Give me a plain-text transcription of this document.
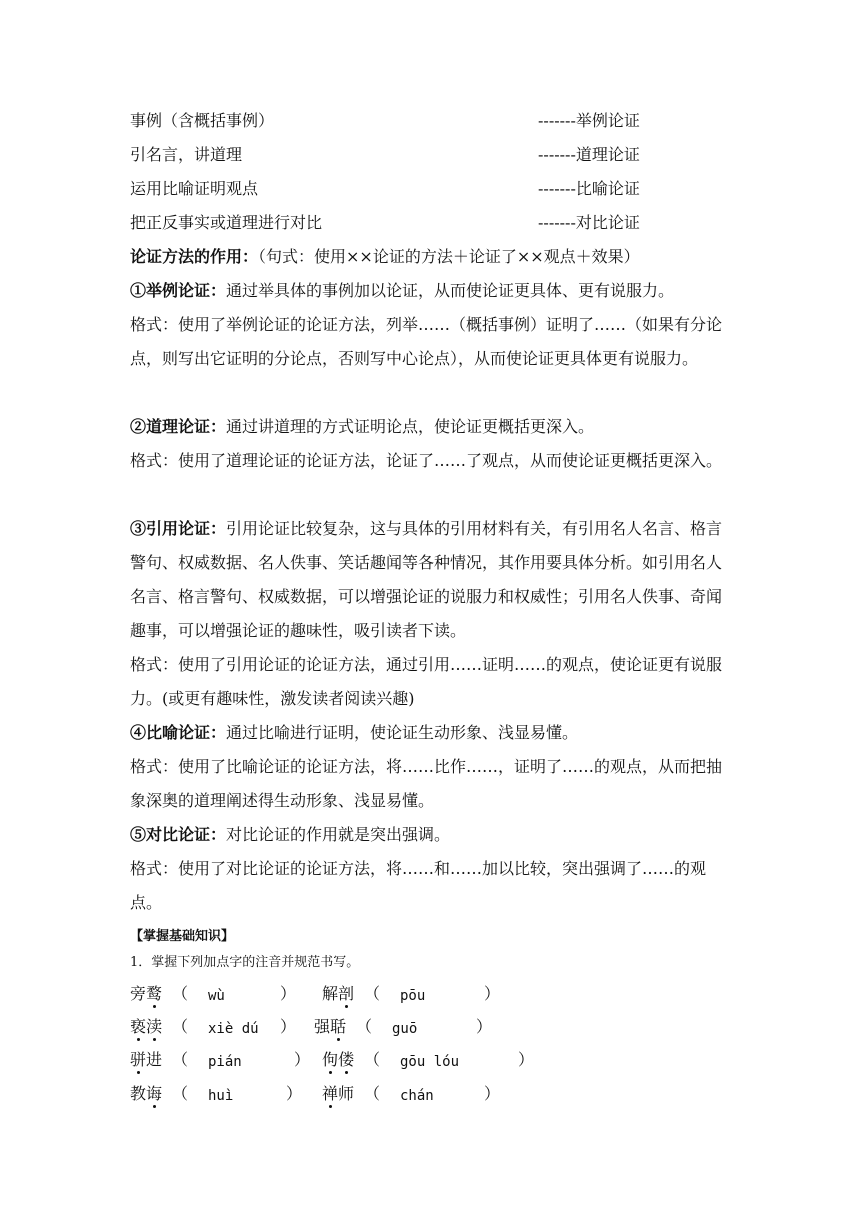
事例（含概括事例）	-------举例论证
引名言，讲道理	-------道理论证
运用比喻证明观点	-------比喻论证
把正反事实或道理进行对比	-------对比论证
论证方法的作用：（句式：使用××论证的方法＋论证了××观点＋效果）

①举例论证：通过举具体的事例加以论证，从而使论证更具体、更有说服力。

格式：使用了举例论证的论证方法，列举……（概括事例）证明了……（如果有分论点，则写出它证明的分论点，否则写中心论点），从而使论证更具体更有说服力。

②道理论证：通过讲道理的方式证明论点，使论证更概括更深入。

格式：使用了道理论证的论证方法，论证了……了观点，从而使论证更概括更深入。

③引用论证：引用论证比较复杂，这与具体的引用材料有关，有引用名人名言、格言警句、权威数据、名人佚事、笑话趣闻等各种情况，其作用要具体分析。如引用名人名言、格言警句、权威数据，可以增强论证的说服力和权威性；引用名人佚事、奇闻趣事，可以增强论证的趣味性，吸引读者下读。

格式：使用了引用论证的论证方法，通过引用……证明……的观点，使论证更有说服力。(或更有趣味性，激发读者阅读兴趣)

④比喻论证：通过比喻进行证明，使论证生动形象、浅显易懂。

格式：使用了比喻论证的论证方法，将……比作……，证明了……的观点，从而把抽象深奥的道理阐述得生动形象、浅显易懂。

⑤对比论证：对比论证的作用就是突出强调。

格式：使用了对比论证的论证方法，将……和……加以比较，突出强调了……的观点。

【掌握基础知识】
1．掌握下列加点字的注音并规范书写。
旁鹜 （ wù	） 解剖 （ pōu	）
亵渎 （ xiè dú ） 强聒 （ guō	）
骈进 （ pián	） 佝偻 （ gōu lóu	）
教诲 （ huì	） 禅师 （ chán	）
